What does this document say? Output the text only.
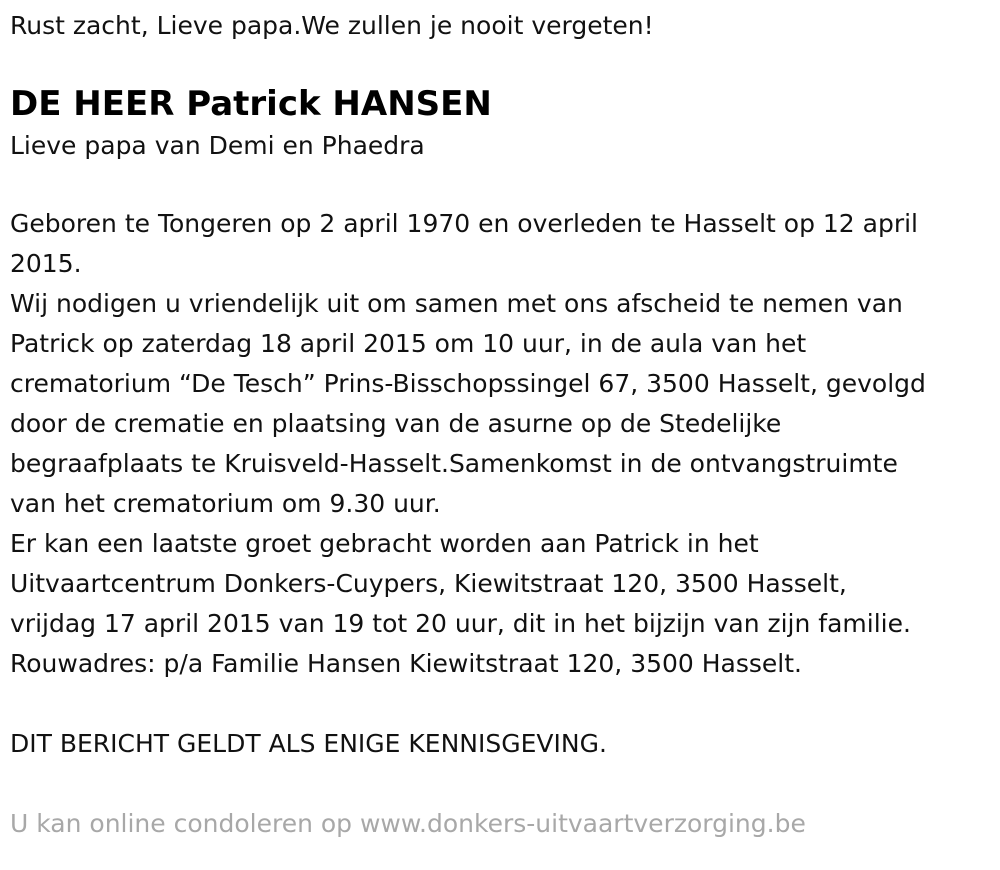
Rust zacht, Lieve papa.We zullen je nooit vergeten!

DE HEER Patrick HANSEN

Lieve papa van Demi en Phaedra

Geboren te Tongeren op 2 april 1970 en overleden te Hasselt op 12 april
2015.
Wij nodigen u vriendelijk uit om samen met ons afscheid te nemen van
Patrick op zaterdag 18 april 2015 om 10 uur, in de aula van het
crematorium “De Tesch” Prins-Bisschopssingel 67, 3500 Hasselt, gevolgd
door de crematie en plaatsing van de asurne op de Stedelijke
begraafplaats te Kruisveld-Hasselt.Samenkomst in de ontvangstruimte
van het crematorium om 9.30 uur.
Er kan een laatste groet gebracht worden aan Patrick in het
Uitvaartcentrum Donkers-Cuypers, Kiewitstraat 120, 3500 Hasselt,
vrijdag 17 april 2015 van 19 tot 20 uur, dit in het bijzijn van zijn familie.
Rouwadres: p/a Familie Hansen Kiewitstraat 120, 3500 Hasselt.

DIT BERICHT GELDT ALS ENIGE KENNISGEVING.

U kan online condoleren op www.donkers-uitvaartverzorging.be
